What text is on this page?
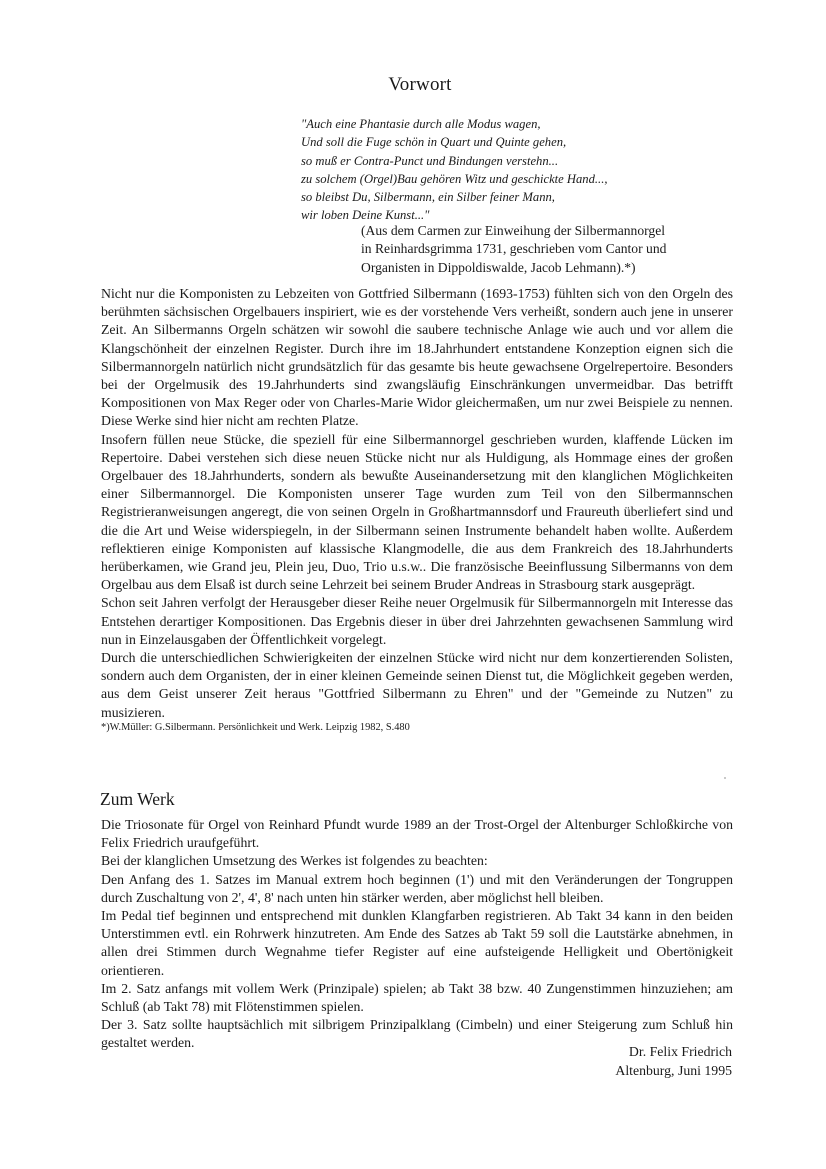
Vorwort
"Auch eine Phantasie durch alle Modus wagen,
Und soll die Fuge schön in Quart und Quinte gehen,
so muß er Contra-Punct und Bindungen verstehn...
zu solchem (Orgel)Bau gehören Witz und geschickte Hand...,
so bleibst Du, Silbermann, ein Silber feiner Mann,
wir loben Deine Kunst..."
(Aus dem Carmen zur Einweihung der Silbermannorgel
in Reinhardsgrimma 1731, geschrieben vom Cantor und
Organisten in Dippoldiswalde, Jacob Lehmann).*)

Nicht nur die Komponisten zu Lebzeiten von Gottfried Silbermann (1693-1753) fühlten sich von den Orgeln des berühmten sächsischen Orgelbauers inspiriert, wie es der vorstehende Vers verheißt, sondern auch jene in unserer Zeit. An Silbermanns Orgeln schätzen wir sowohl die saubere technische Anlage wie auch und vor allem die Klangschönheit der einzelnen Register. Durch ihre im 18.Jahrhundert entstandene Konzeption eignen sich die Silbermannorgeln natürlich nicht grundsätzlich für das gesamte bis heute gewachsene Orgelrepertoire. Besonders bei der Orgelmusik des 19.Jahrhunderts sind zwangsläufig Einschränkungen unvermeidbar. Das betrifft Kompositionen von Max Reger oder von Charles-Marie Widor gleichermaßen, um nur zwei Beispiele zu nennen. Diese Werke sind hier nicht am rechten Platze.

Insofern füllen neue Stücke, die speziell für eine Silbermannorgel geschrieben wurden, klaffende Lücken im Repertoire. Dabei verstehen sich diese neuen Stücke nicht nur als Huldigung, als Hommage eines der großen Orgelbauer des 18.Jahrhunderts, sondern als bewußte Auseinandersetzung mit den klanglichen Möglichkeiten einer Silbermannorgel. Die Komponisten unserer Tage wurden zum Teil von den Silbermannschen Registrieranweisungen angeregt, die von seinen Orgeln in Großhartmannsdorf und Fraureuth überliefert sind und die die Art und Weise widerspiegeln, in der Silbermann seinen Instrumente behandelt haben wollte. Außerdem reflektieren einige Komponisten auf klassische Klangmodelle, die aus dem Frankreich des 18.Jahrhunderts herüberkamen, wie Grand jeu, Plein jeu, Duo, Trio u.s.w.. Die französische Beeinflussung Silbermanns von dem Orgelbau aus dem Elsaß ist durch seine Lehrzeit bei seinem Bruder Andreas in Strasbourg stark ausgeprägt.

Schon seit Jahren verfolgt der Herausgeber dieser Reihe neuer Orgelmusik für Silbermannorgeln mit Interesse das Entstehen derartiger Kompositionen. Das Ergebnis dieser in über drei Jahrzehnten gewachsenen Sammlung wird nun in Einzelausgaben der Öffentlichkeit vorgelegt.

Durch die unterschiedlichen Schwierigkeiten der einzelnen Stücke wird nicht nur dem konzertierenden Solisten, sondern auch dem Organisten, der in einer kleinen Gemeinde seinen Dienst tut, die Möglichkeit gegeben werden, aus dem Geist unserer Zeit heraus "Gottfried Silbermann zu Ehren" und der "Gemeinde zu Nutzen" zu musizieren.

*)W.Müller: G.Silbermann. Persönlichkeit und Werk. Leipzig 1982, S.480
Zum Werk

Die Triosonate für Orgel von Reinhard Pfundt wurde 1989 an der Trost-Orgel der Altenburger Schloßkirche von Felix Friedrich uraufgeführt.

Bei der klanglichen Umsetzung des Werkes ist folgendes zu beachten:

Den Anfang des 1. Satzes im Manual extrem hoch beginnen (1') und mit den Veränderungen der Tongruppen durch Zuschaltung von 2', 4', 8' nach unten hin stärker werden, aber möglichst hell bleiben.

Im Pedal tief beginnen und entsprechend mit dunklen Klangfarben registrieren. Ab Takt 34 kann in den beiden Unterstimmen evtl. ein Rohrwerk hinzutreten. Am Ende des Satzes ab Takt 59 soll die Lautstärke abnehmen, in allen drei Stimmen durch Wegnahme tiefer Register auf eine aufsteigende Helligkeit und Obertönigkeit orientieren.

Im 2. Satz anfangs mit vollem Werk (Prinzipale) spielen; ab Takt 38 bzw. 40 Zungenstimmen hinzuziehen; am Schluß (ab Takt 78) mit Flötenstimmen spielen.

Der 3. Satz sollte hauptsächlich mit silbrigem Prinzipalklang (Cimbeln) und einer Steigerung zum Schluß hin gestaltet werden.

Dr. Felix Friedrich
Altenburg, Juni 1995
